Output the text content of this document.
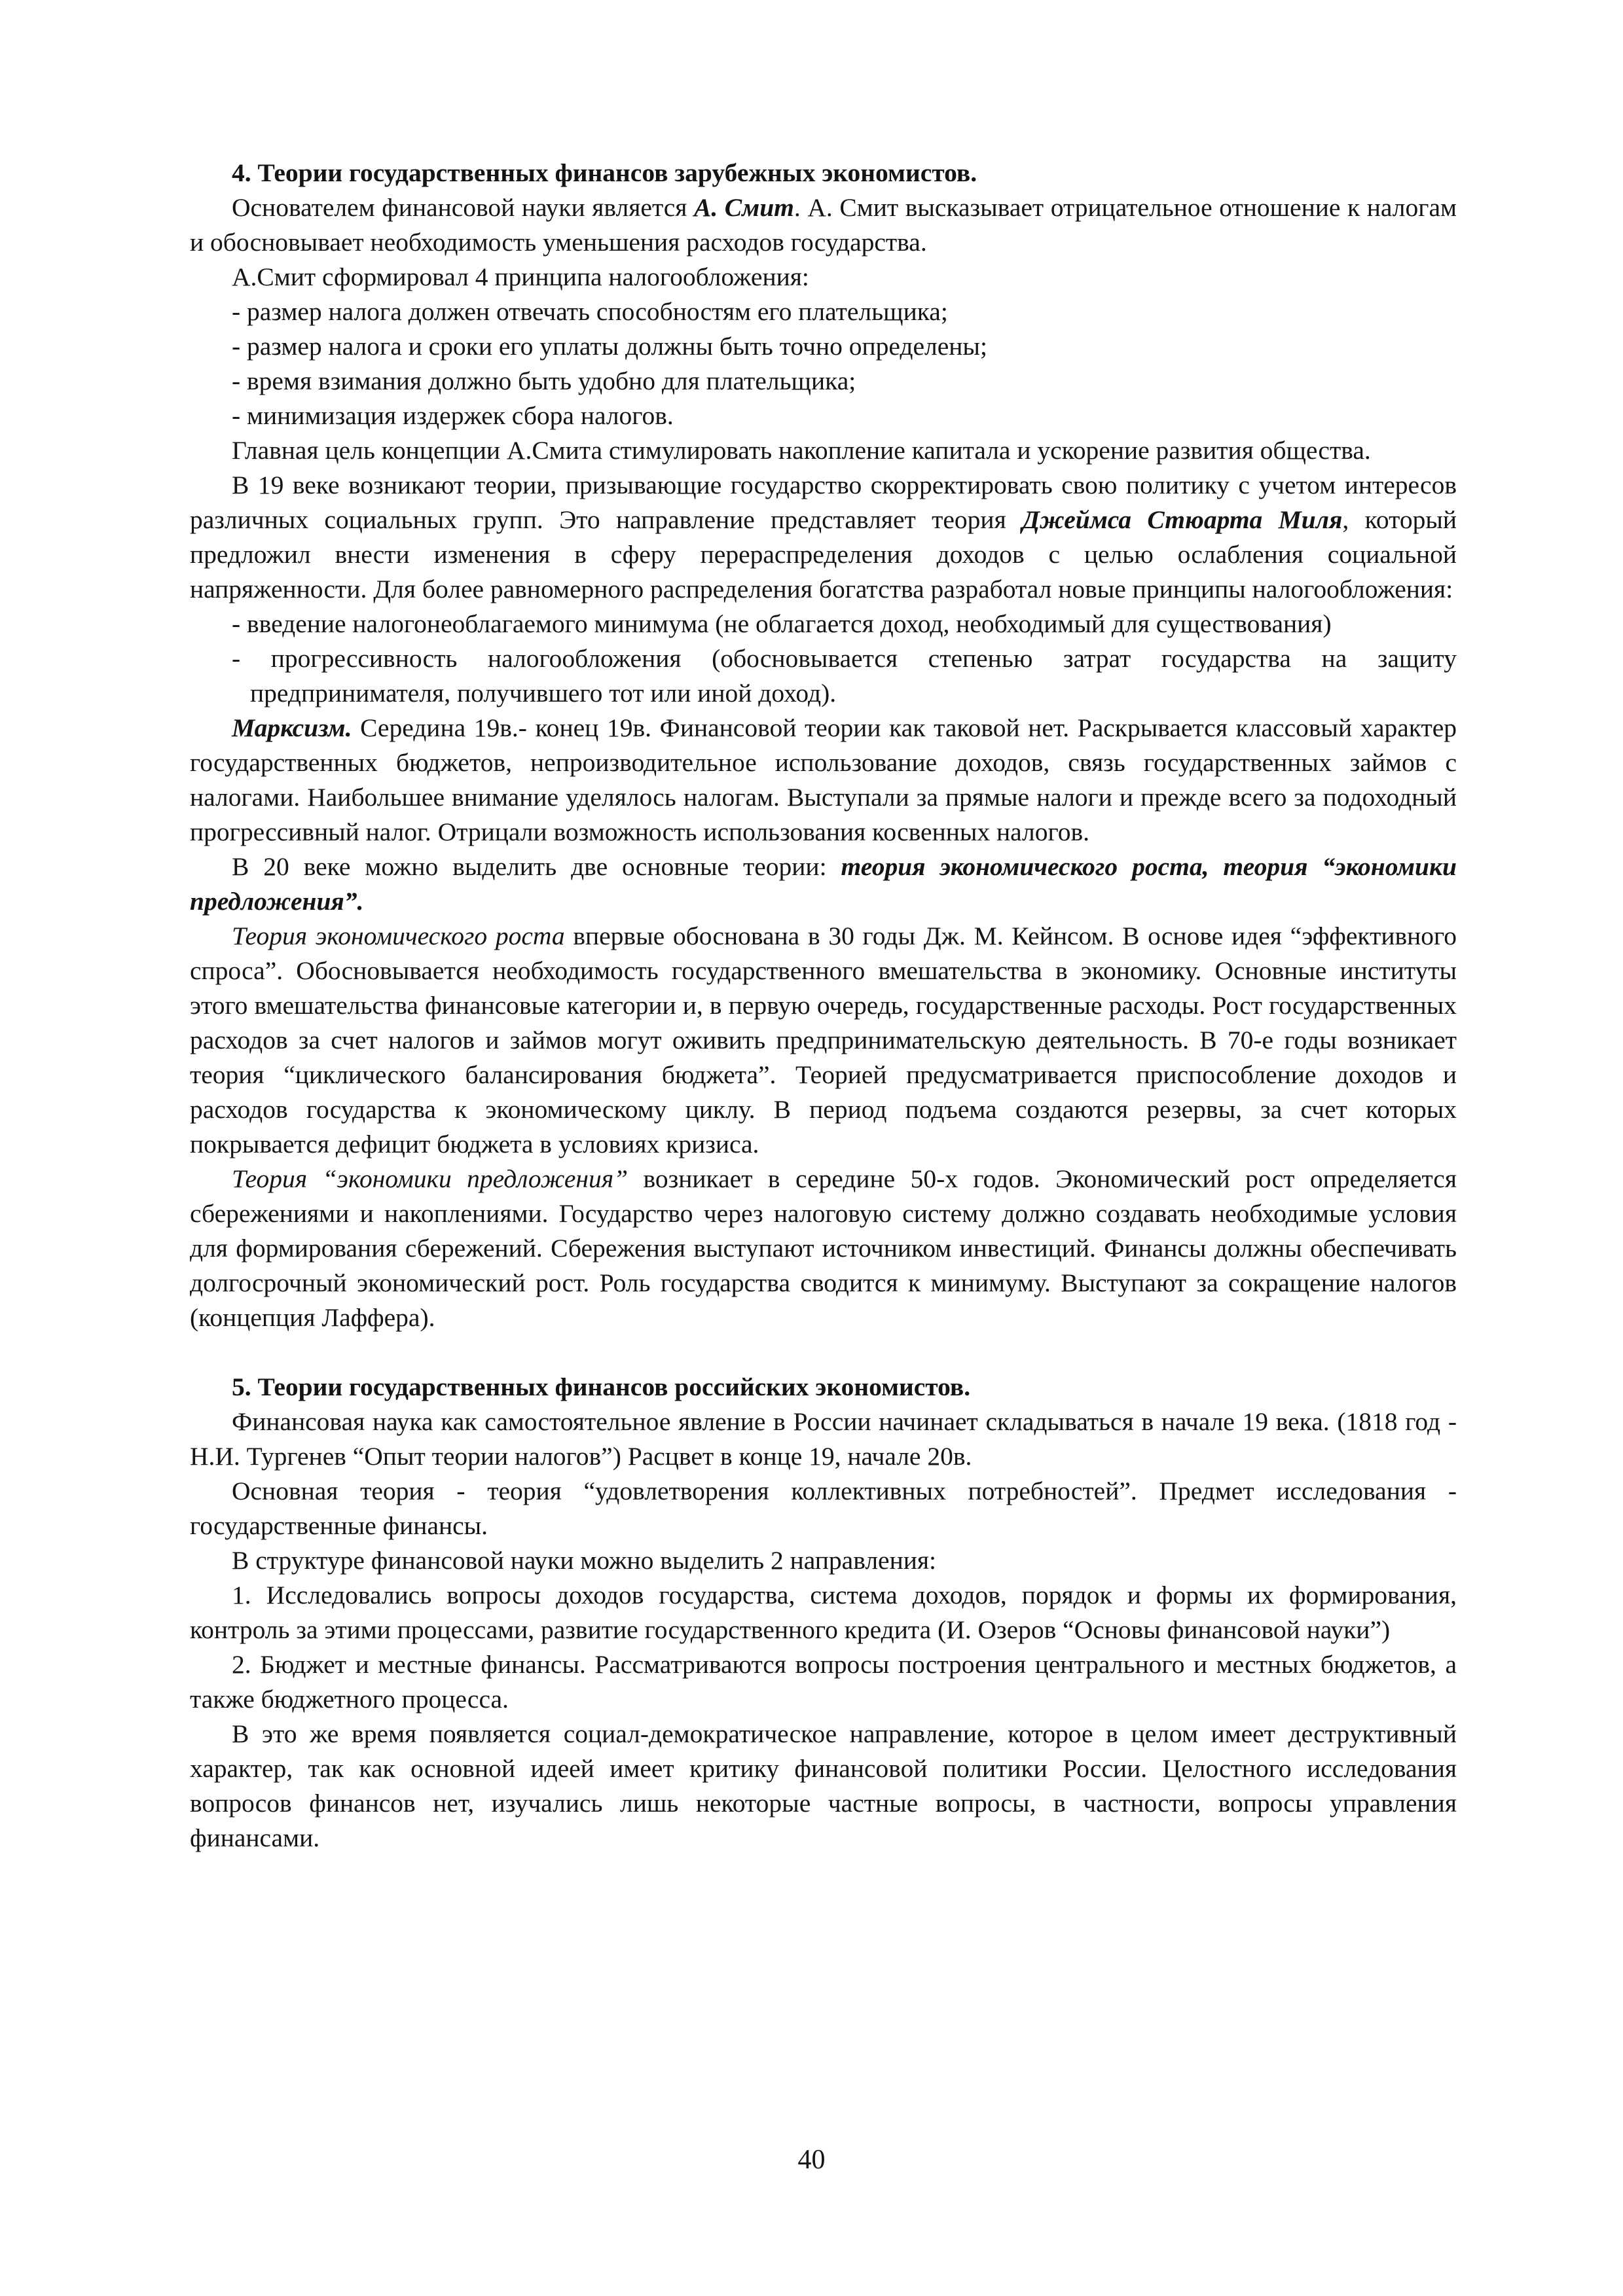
4. Теории государственных финансов зарубежных экономистов.

Основателем финансовой науки является А. Смит. А. Смит высказывает отрицательное отношение к налогам и обосновывает необходимость уменьшения расходов государства.

А.Смит сформировал 4 принципа налогообложения:

- размер налога должен отвечать способностям его плательщика;
- размер налога и сроки его уплаты должны быть точно определены;
- время взимания должно быть удобно для плательщика;
- минимизация издержек сбора налогов.

Главная цель концепции А.Смита стимулировать накопление капитала и ускорение развития общества.

В 19 веке возникают теории, призывающие государство скорректировать свою политику с учетом интересов различных социальных групп. Это направление представляет теория Джеймса Стюарта Миля, который предложил внести изменения в сферу перераспределения доходов с целью ослабления социальной напряженности. Для более равномерного распределения богатства разработал новые принципы налогообложения:

- введение налогонеоблагаемого минимума (не облагается доход, необходимый для существования)
- прогрессивность налогообложения (обосновывается степенью затрат государства на защиту предпринимателя, получившего тот или иной доход).

Марксизм. Середина 19в.- конец 19в. Финансовой теории как таковой нет. Раскрывается классовый характер государственных бюджетов, непроизводительное использование доходов, связь государственных займов с налогами. Наибольшее внимание уделялось налогам. Выступали за прямые налоги и прежде всего за подоходный прогрессивный налог. Отрицали возможность использования косвенных налогов.

В 20 веке можно выделить две основные теории: теория экономического роста, теория “экономики предложения”.

Теория экономического роста впервые обоснована в 30 годы Дж. М. Кейнсом. В основе идея “эффективного спроса”. Обосновывается необходимость государственного вмешательства в экономику. Основные институты этого вмешательства финансовые категории и, в первую очередь, государственные расходы. Рост государственных расходов за счет налогов и займов могут оживить предпринимательскую деятельность. В 70-е годы возникает теория “циклического балансирования бюджета”. Теорией предусматривается приспособление доходов и расходов государства к экономическому циклу. В период подъема создаются резервы, за счет которых покрывается дефицит бюджета в условиях кризиса.

Теория “экономики предложения” возникает в середине 50-х годов. Экономический рост определяется сбережениями и накоплениями. Государство через налоговую систему должно создавать необходимые условия для формирования сбережений. Сбережения выступают источником инвестиций. Финансы должны обеспечивать долгосрочный экономический рост. Роль государства сводится к минимуму. Выступают за сокращение налогов (концепция Лаффера).

5. Теории государственных финансов российских экономистов.

Финансовая наука как самостоятельное явление в России начинает складываться в начале 19 века. (1818 год - Н.И. Тургенев “Опыт теории налогов”) Расцвет в конце 19, начале 20в.

Основная теория - теория “удовлетворения коллективных потребностей”. Предмет исследования - государственные финансы.

В структуре финансовой науки можно выделить 2 направления:

1. Исследовались вопросы доходов государства, система доходов, порядок и формы их формирования, контроль за этими процессами, развитие государственного кредита (И. Озеров “Основы финансовой науки”)

2. Бюджет и местные финансы. Рассматриваются вопросы построения центрального и местных бюджетов, а также бюджетного процесса.

В это же время появляется социал-демократическое направление, которое в целом имеет деструктивный характер, так как основной идеей имеет критику финансовой политики России. Целостного исследования вопросов финансов нет, изучались лишь некоторые частные вопросы, в частности, вопросы управления финансами.

40
